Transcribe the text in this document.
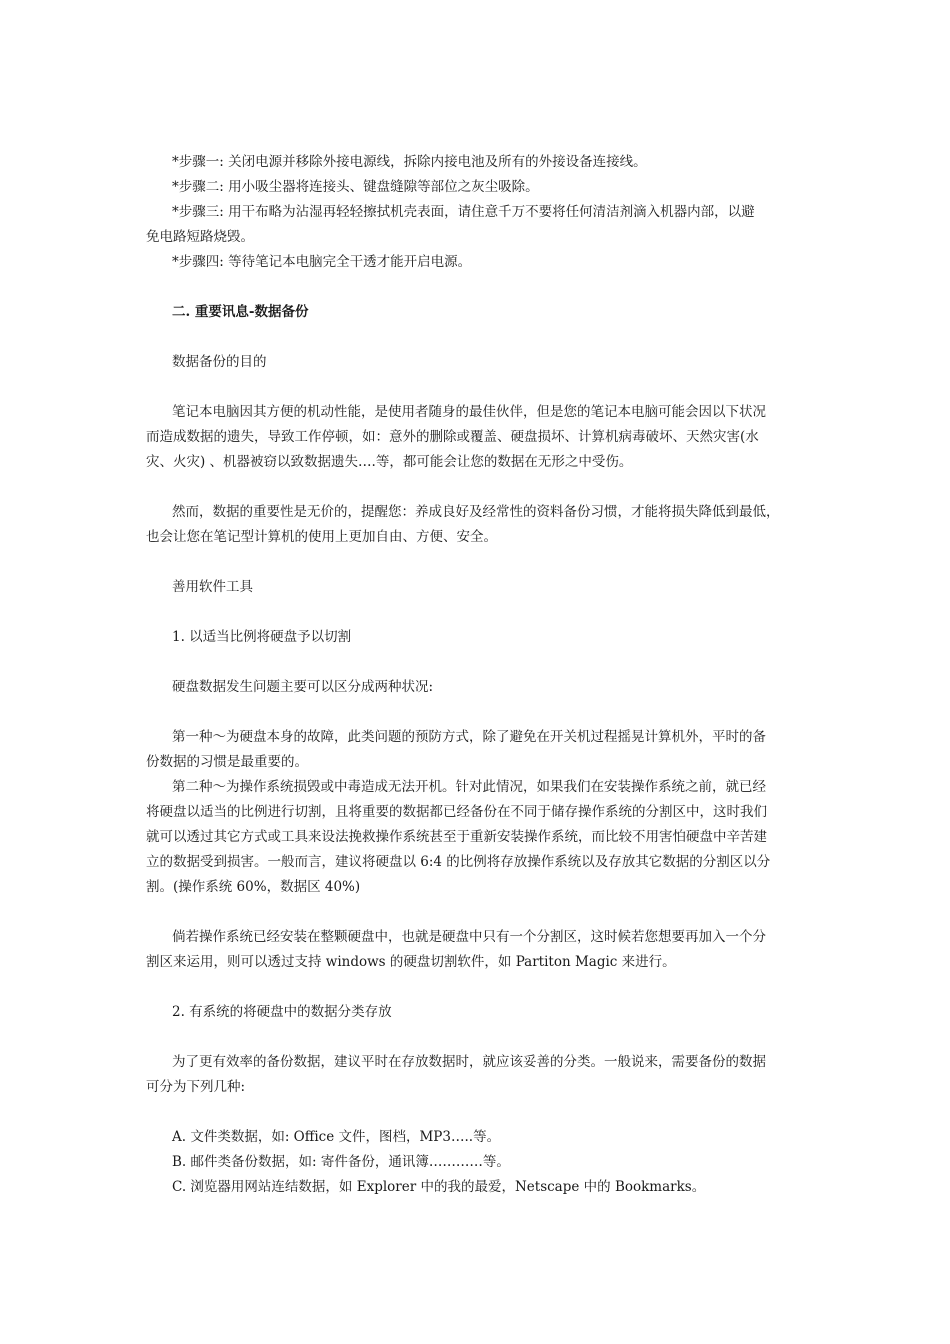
*步骤一: 关闭电源并移除外接电源线，拆除内接电池及所有的外接设备连接线。
*步骤二: 用小吸尘器将连接头、键盘缝隙等部位之灰尘吸除。
*步骤三: 用干布略为沾湿再轻轻擦拭机壳表面，请住意千万不要将任何清洁剂滴入机器内部，以避
免电路短路烧毁。
*步骤四: 等待笔记本电脑完全干透才能开启电源。
二. 重要讯息-数据备份
数据备份的目的
笔记本电脑因其方便的机动性能，是使用者随身的最佳伙伴，但是您的笔记本电脑可能会因以下状况
而造成数据的遗失，导致工作停顿，如：意外的删除或覆盖、硬盘损坏、计算机病毒破坏、天然灾害(水
灾、火灾) 、机器被窃以致数据遗失….等，都可能会让您的数据在无形之中受伤。
然而，数据的重要性是无价的，提醒您：养成良好及经常性的资料备份习惯，才能将损失降低到最低，
也会让您在笔记型计算机的使用上更加自由、方便、安全。
善用软件工具
1. 以适当比例将硬盘予以切割
硬盘数据发生问题主要可以区分成两种状况:
第一种～为硬盘本身的故障，此类问题的预防方式，除了避免在开关机过程摇晃计算机外，平时的备
份数据的习惯是最重要的。
第二种～为操作系统损毁或中毒造成无法开机。针对此情况，如果我们在安装操作系统之前，就已经
将硬盘以适当的比例进行切割，且将重要的数据都已经备份在不同于储存操作系统的分割区中，这时我们
就可以透过其它方式或工具来设法挽救操作系统甚至于重新安装操作系统，而比较不用害怕硬盘中辛苦建
立的数据受到损害。一般而言，建议将硬盘以 6:4 的比例将存放操作系统以及存放其它数据的分割区以分
割。(操作系统 60%，数据区 40%)
倘若操作系统已经安装在整颗硬盘中，也就是硬盘中只有一个分割区，这时候若您想要再加入一个分
割区来运用，则可以透过支持 windows 的硬盘切割软件，如 Partiton Magic 来进行。
2. 有系统的将硬盘中的数据分类存放
为了更有效率的备份数据，建议平时在存放数据时，就应该妥善的分类。一般说来，需要备份的数据
可分为下列几种:
A. 文件类数据，如: Office 文件，图档，MP3…..等。
B. 邮件类备份数据，如: 寄件备份，通讯簿…………等。
C. 浏览器用网站连结数据，如 Explorer 中的我的最爱，Netscape 中的 Bookmarks。
